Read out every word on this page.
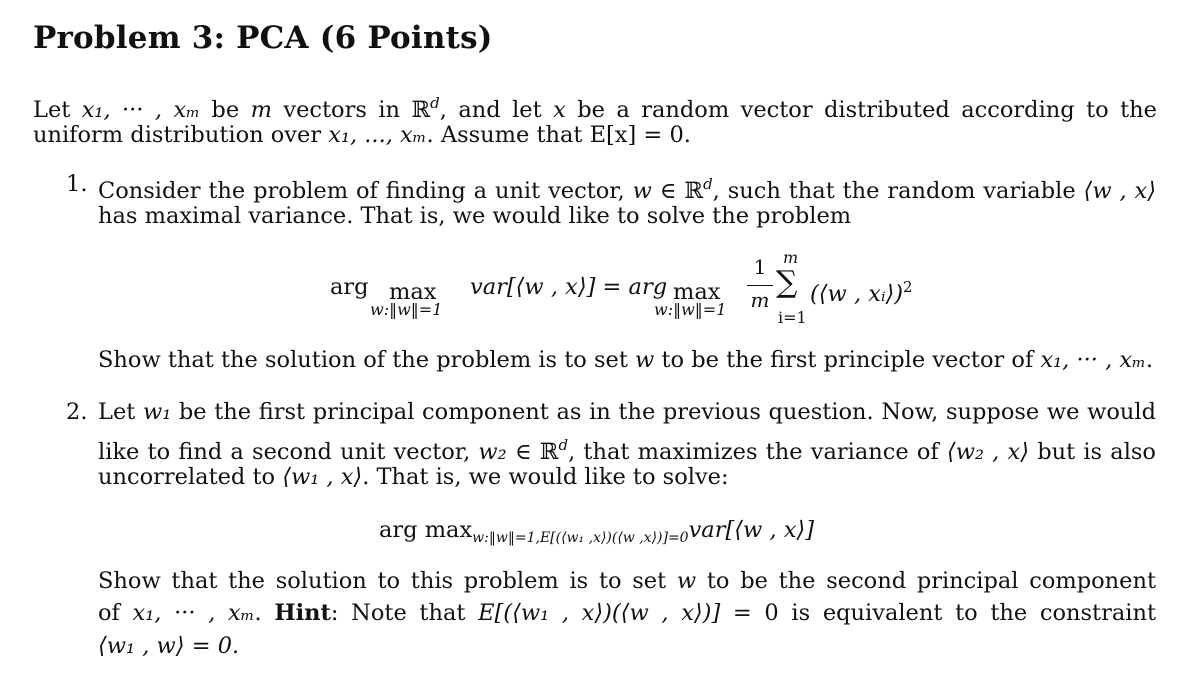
Problem 3: PCA (6 Points)
Let x₁, ··· , xₘ be m vectors in ℝ$^d$, and let x be a random vector distributed according to the
uniform distribution over x₁, ..., xₘ. Assume that E[x] = 0.
1. Consider the problem of finding a unit vector, w ∈ ℝ$^d$, such that the random variable ⟨w , x⟩
has maximal variance. That is, we would like to solve the problem
arg max
w:‖w‖=1
var[⟨w , x⟩] = arg max
w:‖w‖=1
1
m
m
∑
i=1
(⟨w , xᵢ⟩)$^2$
Show that the solution of the problem is to set w to be the first principle vector of x₁, ··· , xₘ.
2. Let w₁ be the first principal component as in the previous question. Now, suppose we would
like to find a second unit vector, w₂ ∈ ℝ$^d$, that maximizes the variance of ⟨w₂ , x⟩ but is also
uncorrelated to ⟨w₁ , x⟩. That is, we would like to solve:
arg $\max_{w:‖w‖=1,E[(⟨w_1 ,x⟩)(⟨w ,x⟩)]=0}var[⟨w$ , x⟩]
Show that the solution to this problem is to set w to be the second principal component
of x₁, ··· , xₘ. Hint: Note that E[(⟨w₁ , x⟩)(⟨w , x⟩)] = 0 is equivalent to the constraint
⟨w₁ , w⟩ = 0.
